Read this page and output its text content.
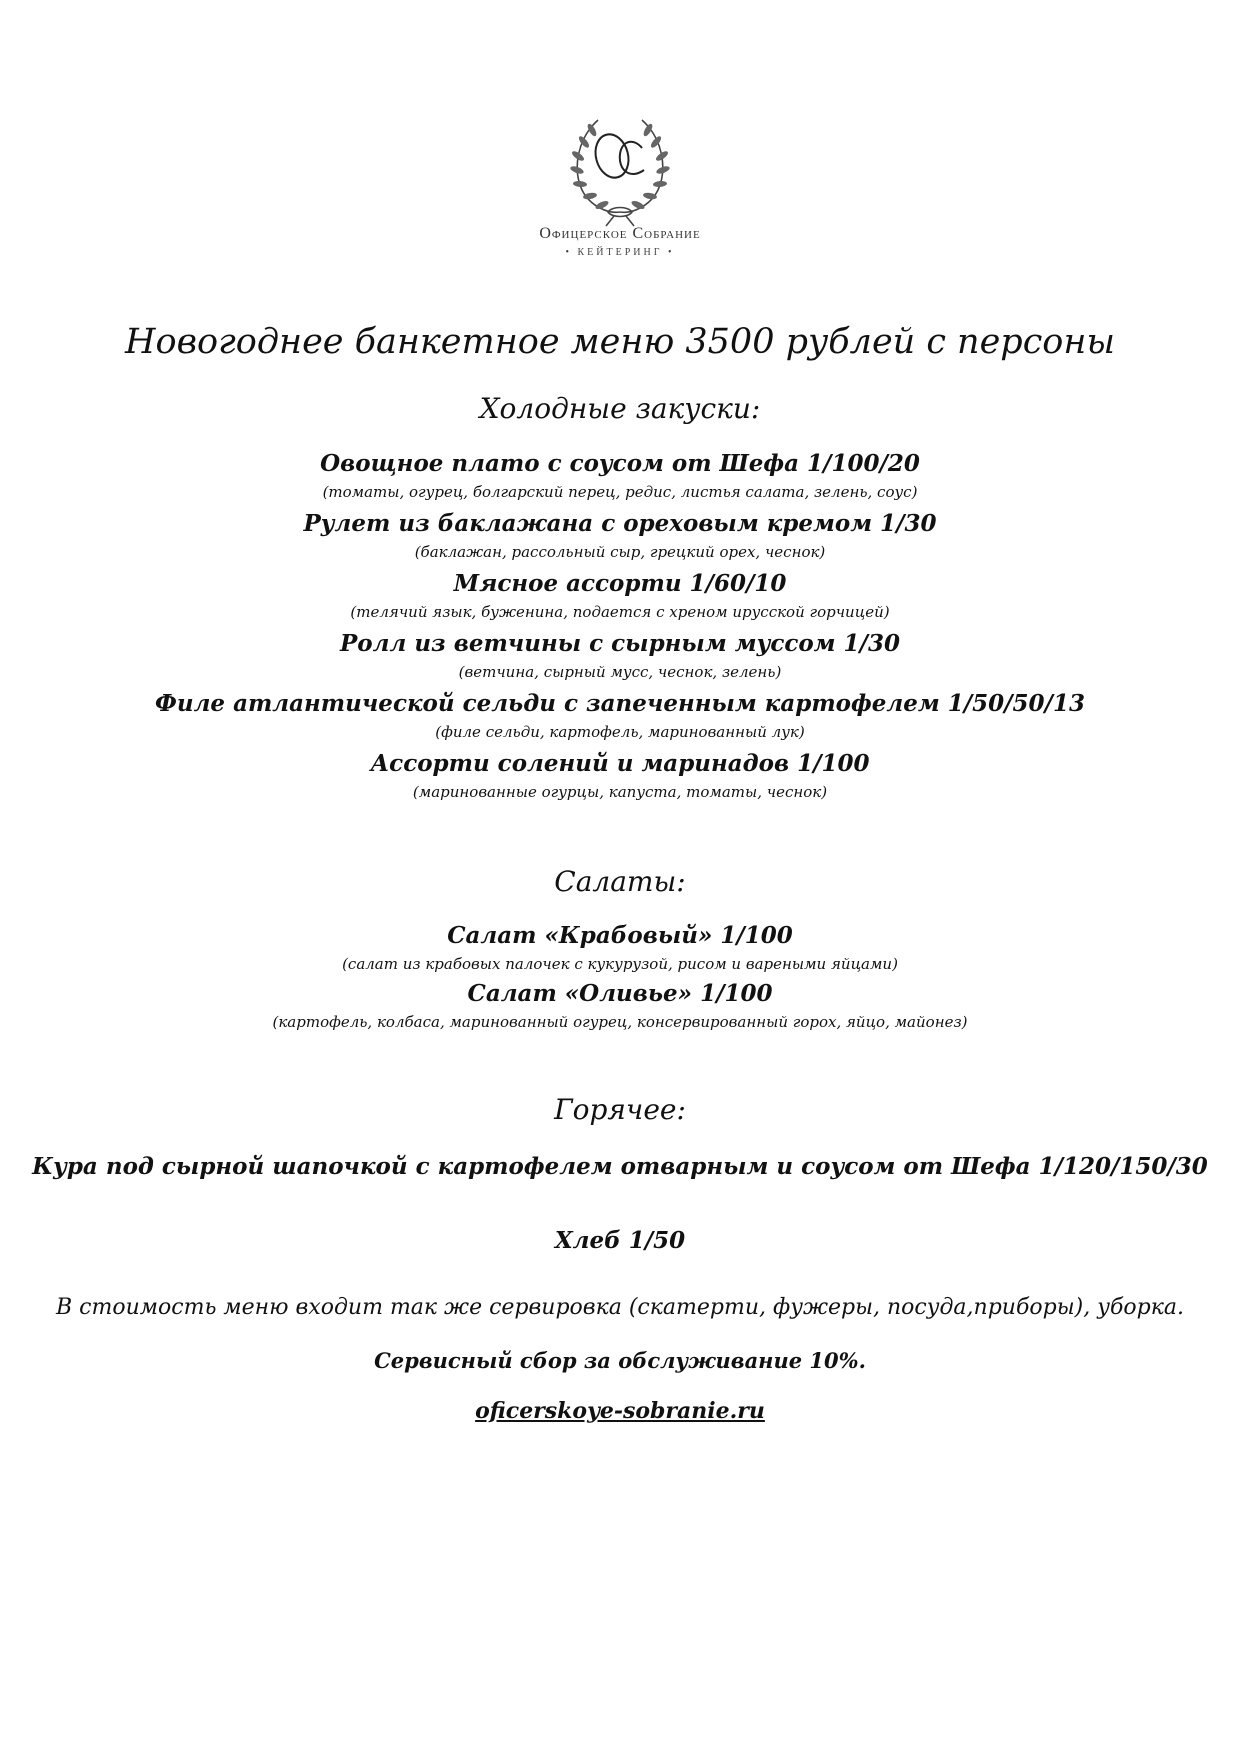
Офицерское Собрание
• КЕЙТЕРИНГ •
Новогоднее банкетное меню 3500 рублей с персоны
Холодные закуски:
Овощное плато с соусом от Шефа 1/100/20
(томаты, огурец, болгарский перец, редис, листья салата, зелень, соус)
Рулет из баклажана с ореховым кремом 1/30
(баклажан, рассольный сыр, грецкий орех, чеснок)
Мясное ассорти 1/60/10
(телячий язык, буженина, подается с хреном ирусской горчицей)
Ролл из ветчины с сырным муссом 1/30
(ветчина, сырный мусс, чеснок, зелень)
Филе атлантической сельди с запеченным картофелем 1/50/50/13
(филе сельди, картофель, маринованный лук)
Ассорти солений и маринадов 1/100
(маринованные огурцы, капуста, томаты, чеснок)
Салаты:
Салат «Крабовый» 1/100
(салат из крабовых палочек с кукурузой, рисом и вареными яйцами)
Салат «Оливье» 1/100
(картофель, колбаса, маринованный огурец, консервированный горох, яйцо, майонез)
Горячее:
Кура под сырной шапочкой с картофелем отварным и соусом от Шефа 1/120/150/30
Хлеб 1/50
В стоимость меню входит так же сервировка (скатерти, фужеры, посуда,приборы), уборка.
Сервисный сбор за обслуживание 10%.
oficerskoye-sobranie.ru
